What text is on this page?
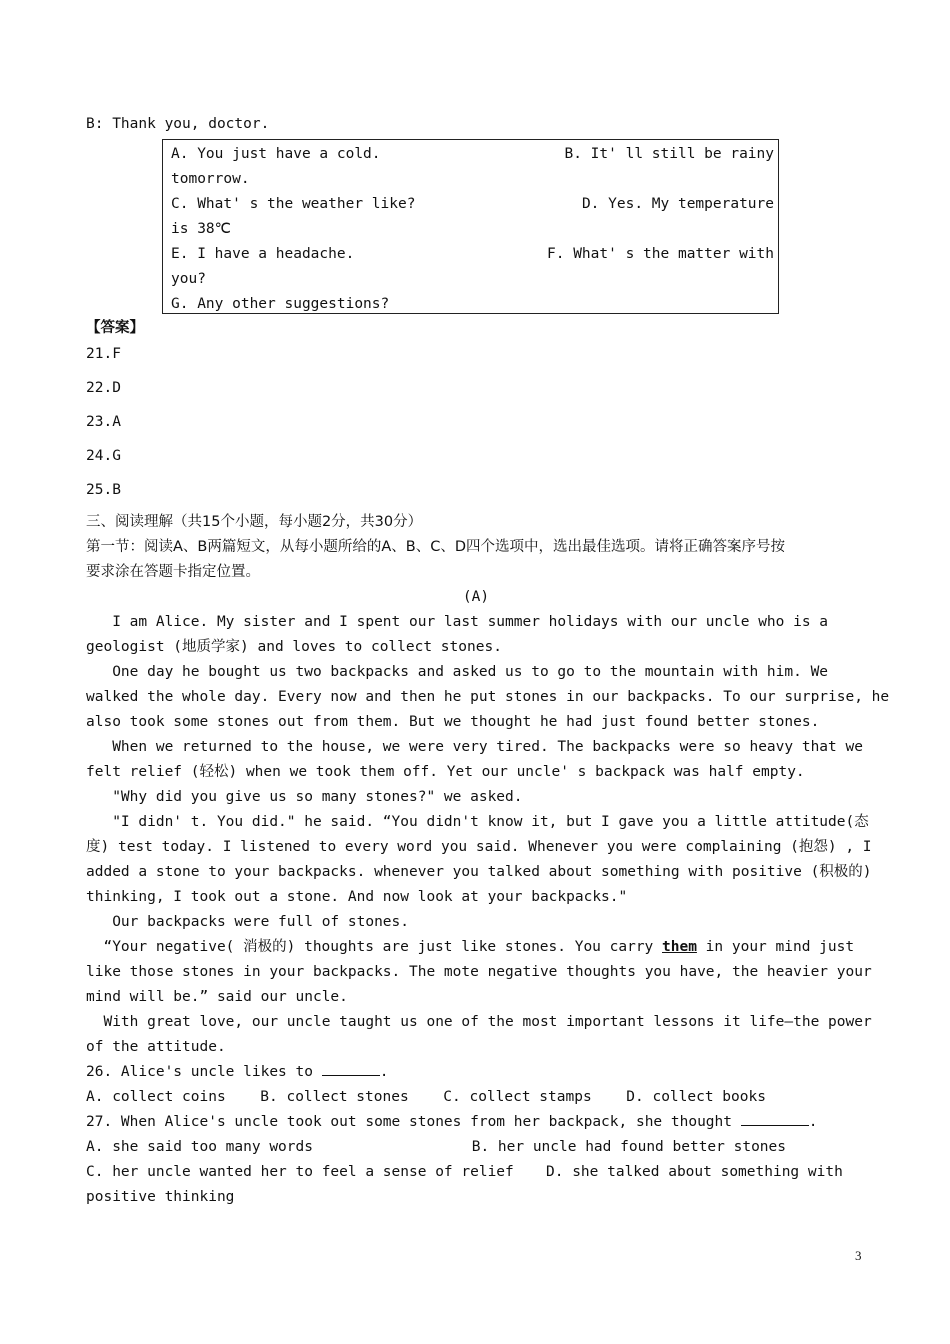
B: Thank you, doctor.
A. You just have a cold.	B. It' ll still be rainy
tomorrow.
C. What' s the weather like?	D. Yes. My temperature
is 38℃
E. I have a headache.	F. What' s the matter with
you?
G. Any other suggestions?
【答案】
21.F
22.D
23.A
24.G
25.B
三、阅读理解（共15个小题，每小题2分，共30分）
第一节：阅读A、B两篇短文，从每小题所给的A、B、C、D四个选项中，选出最佳选项。请将正确答案序号按
要求涂在答题卡指定位置。
(A)
I am Alice. My sister and I spent our last summer holidays with our uncle who is a
geologist (地质学家) and loves to collect stones.
One day he bought us two backpacks and asked us to go to the mountain with him. We
walked the whole day. Every now and then he put stones in our backpacks. To our surprise, he
also took some stones out from them. But we thought he had just found better stones.
When we returned to the house, we were very tired. The backpacks were so heavy that we
felt relief (轻松) when we took them off. Yet our uncle' s backpack was half empty.
"Why did you give us so many stones?" we asked.
"I didn' t. You did." he said. “You didn't know it, but I gave you a little attitude(态
度) test today. I listened to every word you said. Whenever you were complaining (抱怨) , I
added a stone to your backpacks. whenever you talked about something with positive (积极的)
thinking, I took out a stone. And now look at your backpacks."
Our backpacks were full of stones.
“Your negative( 消极的) thoughts are just like stones. You carry them in your mind just
like those stones in your backpacks. The mote negative thoughts you have, the heavier your
mind will be.” said our uncle.
With great love, our uncle taught us one of the most important lessons it life—the power
of the attitude.
26. Alice's uncle likes to	.
A. collect coins B. collect stones C. collect stamps D. collect books
27. When Alice's uncle took out some stones from her backpack, she thought	.
A. she said too many words	B. her uncle had found better stones
C. her uncle wanted her to feel a sense of relief	D. she talked about something with
positive thinking
3
